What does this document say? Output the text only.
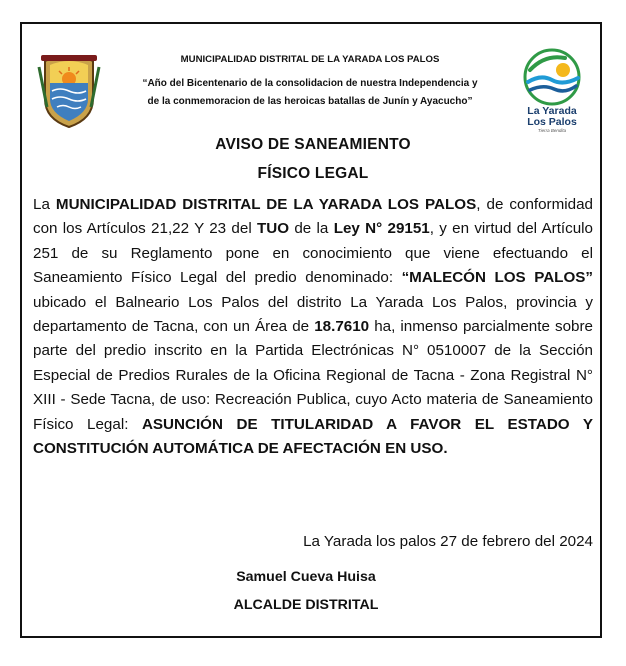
MUNICIPALIDAD DISTRITAL DE LA YARADA LOS PALOS
“Año del Bicentenario de la consolidacion de nuestra Independencia y
de la conmemoracion de las heroicas batallas de Junín y Ayacucho”
La Yarada
Los Palos
Tierra Bendita
AVISO DE SANEAMIENTO
FÍSICO LEGAL
La MUNICIPALIDAD DISTRITAL DE LA YARADA LOS PALOS, de conformidad con los Artículos 21,22 Y 23 del TUO de la Ley N° 29151, y en virtud del Artículo 251 de su Reglamento pone en conocimiento que viene efectuando el Saneamiento Físico Legal del predio denominado: “MALECÓN LOS PALOS” ubicado el Balneario Los Palos del distrito La Yarada Los Palos, provincia y departamento de Tacna, con un Área de 18.7610 ha, inmenso parcialmente sobre parte del predio inscrito en la Partida Electrónicas N° 0510007 de la Sección Especial de Predios Rurales de la Oficina Regional de Tacna - Zona Registral N° XIII - Sede Tacna, de uso: Recreación Publica, cuyo Acto materia de Saneamiento Físico Legal: ASUNCIÓN DE TITULARIDAD A FAVOR EL ESTADO Y CONSTITUCIÓN AUTOMÁTICA DE AFECTACIÓN EN USO.
La Yarada los palos 27 de febrero del 2024
Samuel Cueva Huisa
ALCALDE DISTRITAL
